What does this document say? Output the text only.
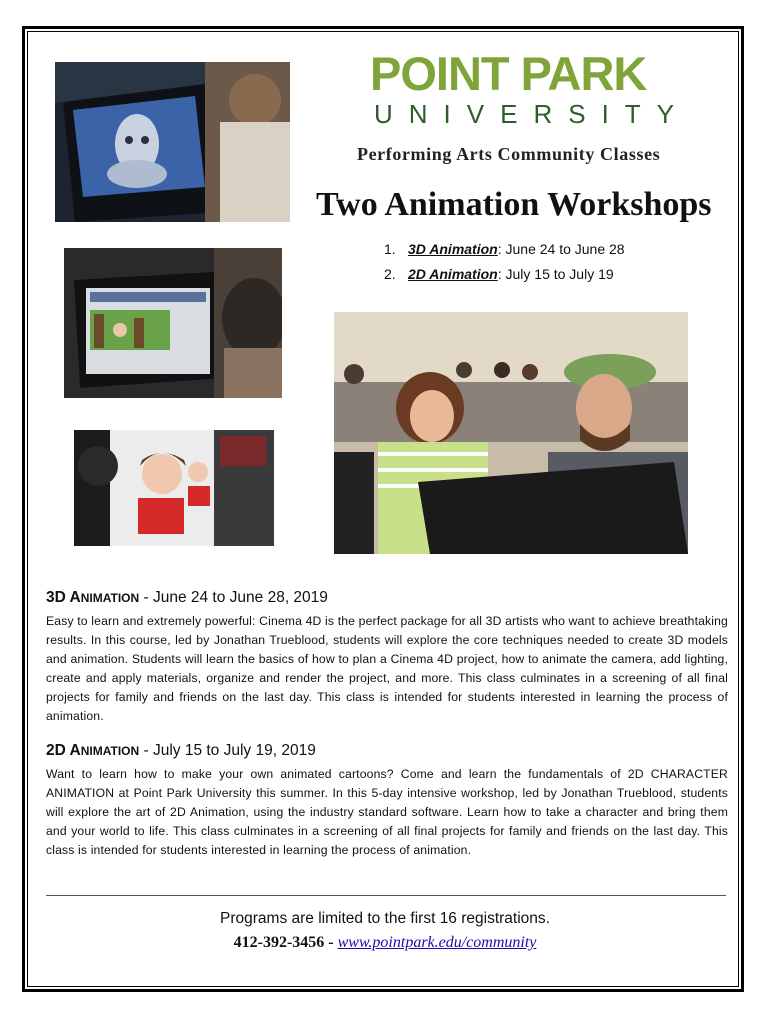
POINT PARK
UNIVERSITY
Performing Arts Community Classes
Two Animation Workshops
1. 3D Animation: June 24 to June 28
2. 2D Animation: July 15 to July 19
3D ANIMATION - June 24 to June 28, 2019

Easy to learn and extremely powerful: Cinema 4D is the perfect package for all 3D artists who want to achieve breathtaking results. In this course, led by Jonathan Trueblood, students will explore the core techniques needed to create 3D models and animation. Students will learn the basics of how to plan a Cinema 4D project, how to animate the camera, add lighting, create and apply materials, organize and render the project, and more. This class culminates in a screening of all final projects for family and friends on the last day. This class is intended for students interested in learning the process of animation.

2D ANIMATION - July 15 to July 19, 2019

Want to learn how to make your own animated cartoons? Come and learn the fundamentals of 2D CHARACTER ANIMATION at Point Park University this summer. In this 5-day intensive workshop, led by Jonathan Trueblood, students will explore the art of 2D Animation, using the industry standard software. Learn how to take a character and bring them and your world to life. This class culminates in a screening of all final projects for family and friends on the last day. This class is intended for students interested in learning the process of animation.

Programs are limited to the first 16 registrations.
412-392-3456 - www.pointpark.edu/community
